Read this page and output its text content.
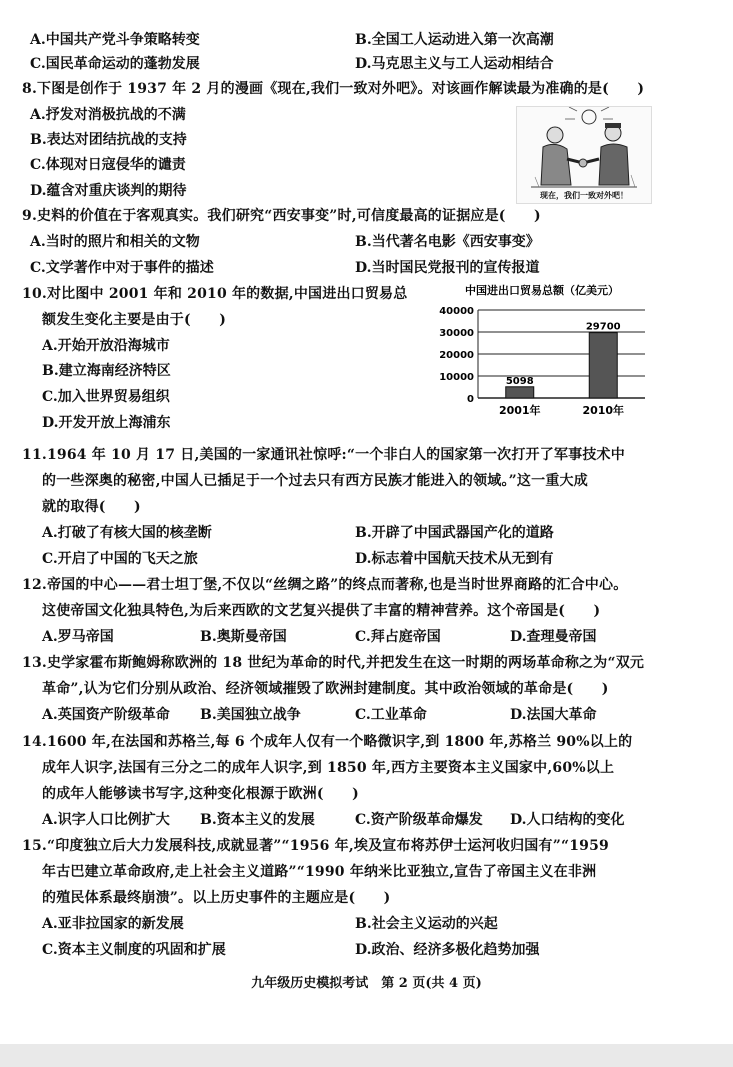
A.中国共产党斗争策略转变	B.全国工人运动进入第一次高潮
C.国民革命运动的蓬勃发展	D.马克思主义与工人运动相结合
8.下图是创作于 1937 年 2 月的漫画《现在,我们一致对外吧》。对该画作解读最为准确的是(　　)
A.抒发对消极抗战的不满
B.表达对团结抗战的支持
C.体现对日寇侵华的谴责
D.蕴含对重庆谈判的期待	现在，我们一致对外吧！
9.史料的价值在于客观真实。我们研究“西安事变”时,可信度最高的证据应是(　　)
A.当时的照片和相关的文物	B.当代著名电影《西安事变》
C.文学著作中对于事件的描述	D.当时国民党报刊的宣传报道
10.对比图中 2001 年和 2010 年的数据,中国进出口贸易总
额发生变化主要是由于(　　)
A.开始开放沿海城市
B.建立海南经济特区
C.加入世界贸易组织
D.开发开放上海浦东
中国进出口贸易总额（亿美元）
0
10000
20000
30000
40000
2001年	2010年
5098
29700
11.1964 年 10 月 17 日,美国的一家通讯社惊呼:“一个非白人的国家第一次打开了军事技术中
的一些深奥的秘密,中国人已插足于一个过去只有西方民族才能进入的领域。”这一重大成
就的取得(　　)
A.打破了有核大国的核垄断	B.开辟了中国武器国产化的道路
C.开启了中国的飞天之旅	D.标志着中国航天技术从无到有
12.帝国的中心——君士坦丁堡,不仅以“丝绸之路”的终点而著称,也是当时世界商路的汇合中心。
这使帝国文化独具特色,为后来西欧的文艺复兴提供了丰富的精神营养。这个帝国是(　　)
A.罗马帝国	B.奥斯曼帝国	C.拜占庭帝国	D.查理曼帝国
13.史学家霍布斯鲍姆称欧洲的 18 世纪为革命的时代,并把发生在这一时期的两场革命称之为“双元
革命”,认为它们分别从政治、经济领域摧毁了欧洲封建制度。其中政治领域的革命是(　　)
A.英国资产阶级革命 B.美国独立战争	C.工业革命	D.法国大革命
14.1600 年,在法国和苏格兰,每 6 个成年人仅有一个略微识字,到 1800 年,苏格兰 90%以上的
成年人识字,法国有三分之二的成年人识字,到 1850 年,西方主要资本主义国家中,60%以上
的成年人能够读书写字,这种变化根源于欧洲(　　)
A.识字人口比例扩大 B.资本主义的发展	C.资产阶级革命爆发 D.人口结构的变化
15.“印度独立后大力发展科技,成就显著”“1956 年,埃及宣布将苏伊士运河收归国有”“1959
年古巴建立革命政府,走上社会主义道路”“1990 年纳米比亚独立,宣告了帝国主义在非洲
的殖民体系最终崩溃”。以上历史事件的主题应是(　　)
A.亚非拉国家的新发展	B.社会主义运动的兴起
C.资本主义制度的巩固和扩展	D.政治、经济多极化趋势加强
九年级历史模拟考试　第 2 页(共 4 页)
